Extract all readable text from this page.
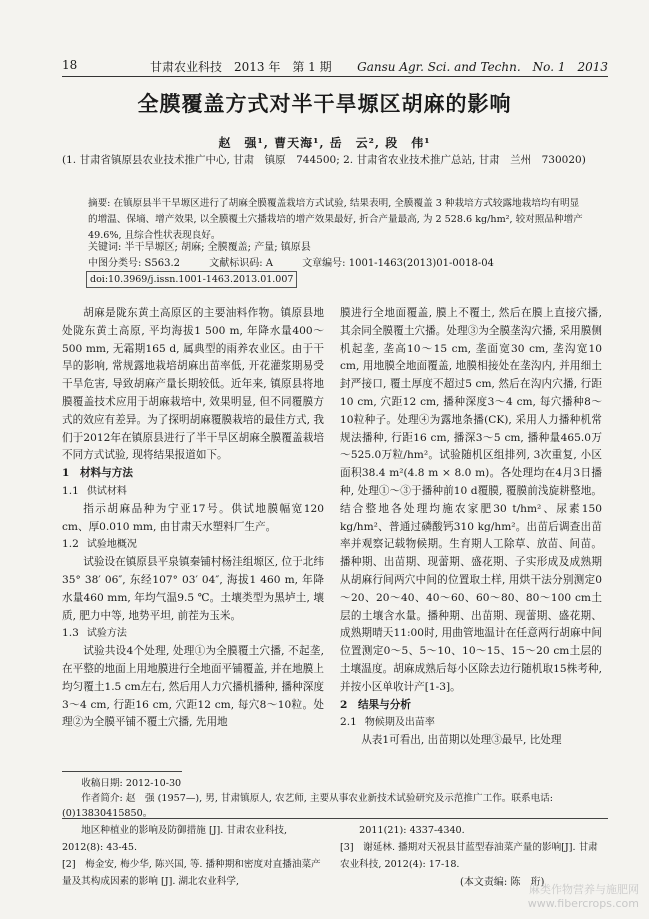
18	甘肃农业科技　2013 年　第 1 期 Gansu Agr. Sci. and Techn.　No. 1　2013
全膜覆盖方式对半干旱塬区胡麻的影响
赵　强¹, 曹天海¹, 岳　云², 段　伟¹
(1. 甘肃省镇原县农业技术推广中心, 甘肃　镇原　744500; 2. 甘肃省农业技术推广总站, 甘肃　兰州　730020)
摘要: 在镇原县半干旱塬区进行了胡麻全膜覆盖栽培方式试验, 结果表明, 全膜覆盖 3 种栽培方式较露地栽培均有明显的增温、保墒、增产效果, 以全膜覆土穴播栽培的增产效果最好, 折合产量最高, 为 2 528.6 kg/hm², 较对照品种增产 49.6%, 且综合性状表现良好。
关键词: 半干旱塬区; 胡麻; 全膜覆盖; 产量; 镇原县
中图分类号: S563.2	文献标识码: A	文章编号: 1001-1463(2013)01-0018-04
doi:10.3969/j.issn.1001-1463.2013.01.007

胡麻是陇东黄土高原区的主要油料作物。镇原县地处陇东黄土高原, 平均海拔1 500 m, 年降水量400～500 mm, 无霜期165 d, 属典型的雨养农业区。由于干旱的影响, 常规露地栽培胡麻出苗率低, 开花灌浆期易受干旱危害, 导致胡麻产量长期较低。近年来, 镇原县将地膜覆盖技术应用于胡麻栽培中, 效果明显, 但不同覆膜方式的效应有差异。为了探明胡麻覆膜栽培的最佳方式, 我们于2012年在镇原县进行了半干旱区胡麻全膜覆盖栽培不同方式试验, 现将结果报道如下。

1　材料与方法

1.1 供试材料

指示胡麻品种为宁亚17号。供试地膜幅宽120 cm、厚0.010 mm, 由甘肃天水塑料厂生产。

1.2 试验地概况

试验设在镇原县平泉镇秦铺村杨洼组塬区, 位于北纬35° 38′ 06″, 东经107° 03′ 04″, 海拔1 460 m, 年降水量460 mm, 年均气温9.5 ℃。土壤类型为黑垆土, 壤质, 肥力中等, 地势平坦, 前茬为玉米。

1.3 试验方法

试验共设4个处理, 处理①为全膜覆土穴播, 不起垄, 在平整的地面上用地膜进行全地面平铺覆盖, 并在地膜上均匀覆土1.5 cm左右, 然后用人力穴播机播种, 播种深度3～4 cm, 行距16 cm, 穴距12 cm, 每穴8～10粒。处理②为全膜平铺不覆土穴播, 先用地

膜进行全地面覆盖, 膜上不覆土, 然后在膜上直接穴播, 其余同全膜覆土穴播。处理③为全膜垄沟穴播, 采用膜侧机起垄, 垄高10～15 cm, 垄面宽30 cm, 垄沟宽10 cm, 用地膜全地面覆盖, 地膜相接处在垄沟内, 并用细土封严接口, 覆土厚度不超过5 cm, 然后在沟内穴播, 行距10 cm, 穴距12 cm, 播种深度3～4 cm, 每穴播种8～10粒种子。处理④为露地条播(CK), 采用人力播种机常规法播种, 行距16 cm, 播深3～5 cm, 播种量465.0万～525.0万粒/hm²。试验随机区组排列, 3次重复, 小区面积38.4 m²(4.8 m × 8.0 m)。各处理均在4月3日播种, 处理①～③于播种前10 d覆膜, 覆膜前浅旋耕整地。结合整地各处理均施农家肥30 t/hm²、尿素150 kg/hm²、普通过磷酸钙310 kg/hm²。出苗后调查出苗率并观察记载物候期。生育期人工除草、放苗、间苗。播种期、出苗期、现蕾期、盛花期、子实形成及成熟期从胡麻行间两穴中间的位置取土样, 用烘干法分别测定0～20、20～40、40～60、60～80、80～100 cm土层的土壤含水量。播种期、出苗期、现蕾期、盛花期、成熟期晴天11:00时, 用曲管地温计在任意两行胡麻中间位置测定0～5、5～10、10～15、15～20 cm土层的土壤温度。胡麻成熟后每小区除去边行随机取15株考种, 并按小区单收计产[1-3]。

2　结果与分析

2.1 物候期及出苗率

从表1可看出, 出苗期以处理③最早, 比处理

收稿日期: 2012-10-30

作者简介: 赵　强 (1957—), 男, 甘肃镇原人, 农艺师, 主要从事农业新技术试验研究及示范推广工作。联系电话: (0)13830415850。

　　地区种植业的影响及防御措施 [J]. 甘肃农业科技, 2012(8): 43-45.

[2]　梅金安, 梅少华, 陈兴国, 等. 播种期和密度对直播油菜产量及其构成因素的影响 [J]. 湖北农业科学,

　　2011(21): 4337-4340.

[3]　谢延林. 播期对天祝县甘蓝型春油菜产量的影响[J]. 甘肃农业科技, 2012(4): 17-18.

(本文责编: 陈　珩)
麻类作物营养与施肥网
www.fibercrops.com
